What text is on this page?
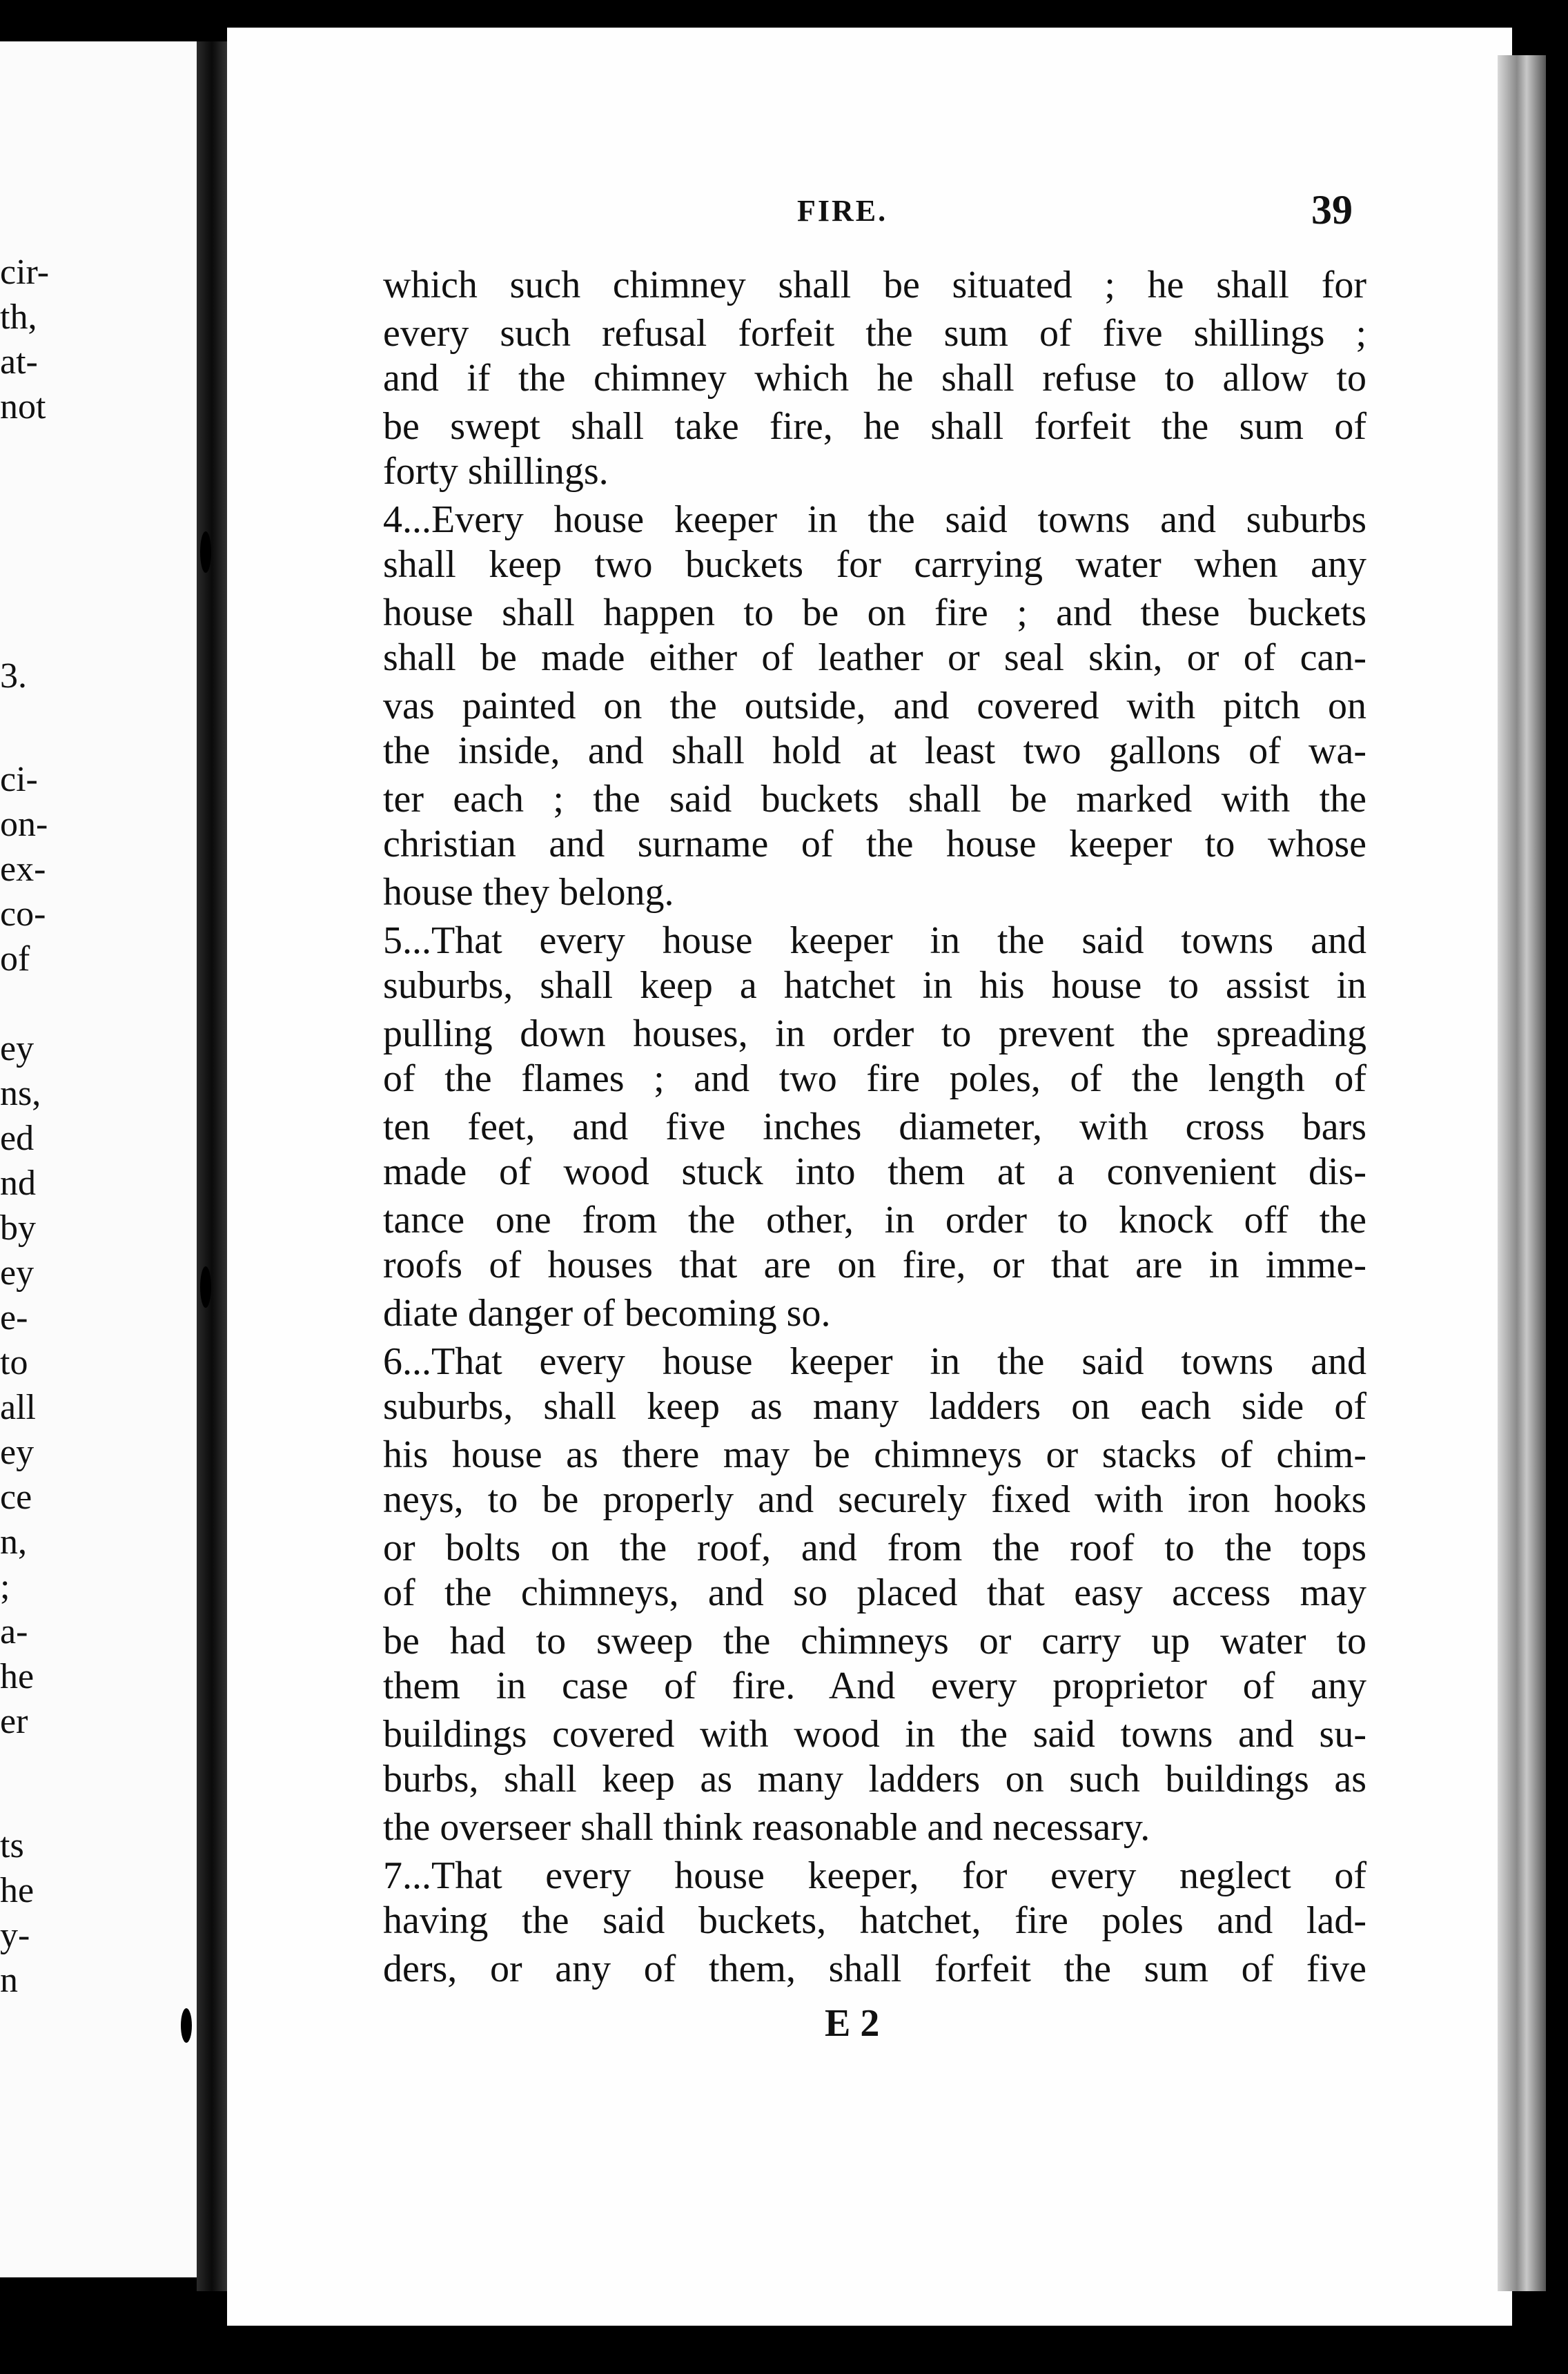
cir-
th,
at-
not
3.
ci-
on-
ex-
co-
of
ey
ns,
ed
nd
by
ey
e-
to
all
ey
ce
n,
;
a-
he
er
ts
he
y-
n
FIRE.	39
which such chimney shall be situated ; he shall for
every such refusal forfeit the sum of five shillings ;
and if the chimney which he shall refuse to allow to
be swept shall take fire, he shall forfeit the sum of
forty shillings.
4...Every house keeper in the said towns and suburbs
shall keep two buckets for carrying water when any
house shall happen to be on fire ; and these buckets
shall be made either of leather or seal skin, or of can-
vas painted on the outside, and covered with pitch on
the inside, and shall hold at least two gallons of wa-
ter each ; the said buckets shall be marked with the
christian and surname of the house keeper to whose
house they belong.
5...That every house keeper in the said towns and
suburbs, shall keep a hatchet in his house to assist in
pulling down houses, in order to prevent the spreading
of the flames ; and two fire poles, of the length of
ten feet, and five inches diameter, with cross bars
made of wood stuck into them at a convenient dis-
tance one from the other, in order to knock off the
roofs of houses that are on fire, or that are in imme-
diate danger of becoming so.
6...That every house keeper in the said towns and
suburbs, shall keep as many ladders on each side of
his house as there may be chimneys or stacks of chim-
neys, to be properly and securely fixed with iron hooks
or bolts on the roof, and from the roof to the tops
of the chimneys, and so placed that easy access may
be had to sweep the chimneys or carry up water to
them in case of fire. And every proprietor of any
buildings covered with wood in the said towns and su-
burbs, shall keep as many ladders on such buildings as
the overseer shall think reasonable and necessary.
7...That every house keeper, for every neglect of
having the said buckets, hatchet, fire poles and lad-
ders, or any of them, shall forfeit the sum of five
E 2
